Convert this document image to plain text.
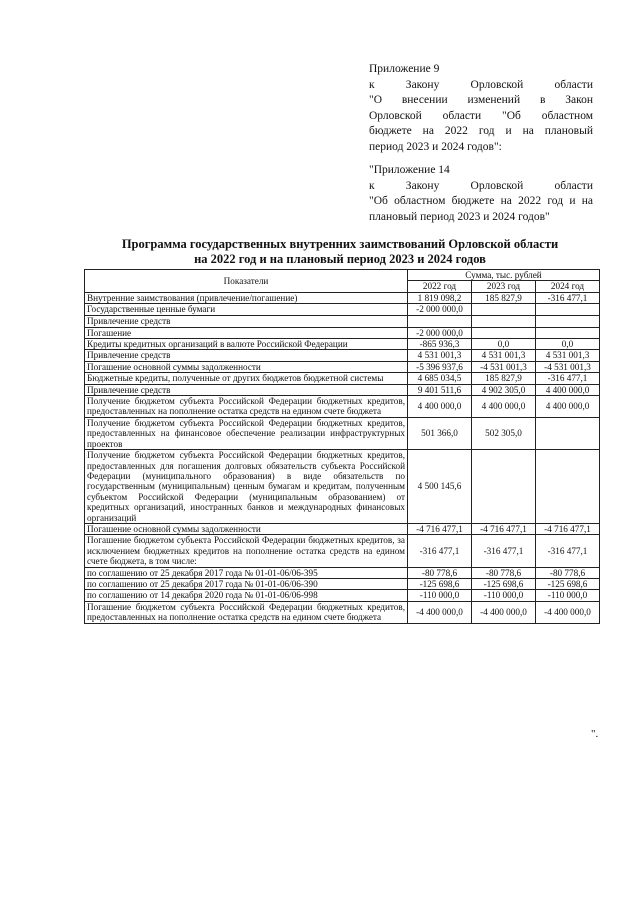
Приложение 9
к Закону Орловской области
"О внесении изменений в Закон
Орловской области "Об областном
бюджете на 2022 год и на плановый
период 2023 и 2024 годов":
"Приложение 14
к Закону Орловской области
"Об областном бюджете на 2022 год и на
плановый период 2023 и 2024 годов"
Программа государственных внутренних заимствований Орловской области
на 2022 год и на плановый период 2023 и 2024 годов
Показатели	Сумма, тыс. рублей		
	2022 год	2023 год	2024 год
Внутренние заимствования (привлечение/погашение)	1 819 098,2	185 827,9	-316 477,1
Государственные ценные бумаги	-2 000 000,0		
Привлечение средств			
Погашение	-2 000 000,0		
Кредиты кредитных организаций в валюте Российской Федерации	-865 936,3	0,0	0,0
Привлечение средств	4 531 001,3	4 531 001,3	4 531 001,3
Погашение основной суммы задолженности	-5 396 937,6	-4 531 001,3	-4 531 001,3
Бюджетные кредиты, полученные от других бюджетов бюджетной системы	4 685 034,5	185 827,9	-316 477,1
Привлечение средств	9 401 511,6	4 902 305,0	4 400 000,0
Получение бюджетом субъекта Российской Федерации бюджетных кредитов, предоставленных на пополнение остатка средств на едином счете бюджета	4 400 000,0	4 400 000,0	4 400 000,0
Получение бюджетом субъекта Российской Федерации бюджетных кредитов, предоставленных на финансовое обеспечение реализации инфраструктурных проектов	501 366,0	502 305,0	
Получение бюджетом субъекта Российской Федерации бюджетных кредитов, предоставленных для погашения долговых обязательств субъекта Российской Федерации (муниципального образования) в виде обязательств по государственным (муниципальным) ценным бумагам и кредитам, полученным субъектом Российской Федерации (муниципальным образованием) от кредитных организаций, иностранных банков и международных финансовых организаций	4 500 145,6		
Погашение основной суммы задолженности	-4 716 477,1	-4 716 477,1	-4 716 477,1
Погашение бюджетом субъекта Российской Федерации бюджетных кредитов, за исключением бюджетных кредитов на пополнение остатка средств на едином счете бюджета, в том числе:	-316 477,1	-316 477,1	-316 477,1
по соглашению от 25 декабря 2017 года № 01-01-06/06-395	-80 778,6	-80 778,6	-80 778,6
по соглашению от 25 декабря 2017 года № 01-01-06/06-390	-125 698,6	-125 698,6	-125 698,6
по соглашению от 14 декабря 2020 года № 01-01-06/06-998	-110 000,0	-110 000,0	-110 000,0
Погашение бюджетом субъекта Российской Федерации бюджетных кредитов, предоставленных на пополнение остатка средств на едином счете бюджета	-4 400 000,0	-4 400 000,0	-4 400 000,0
".
